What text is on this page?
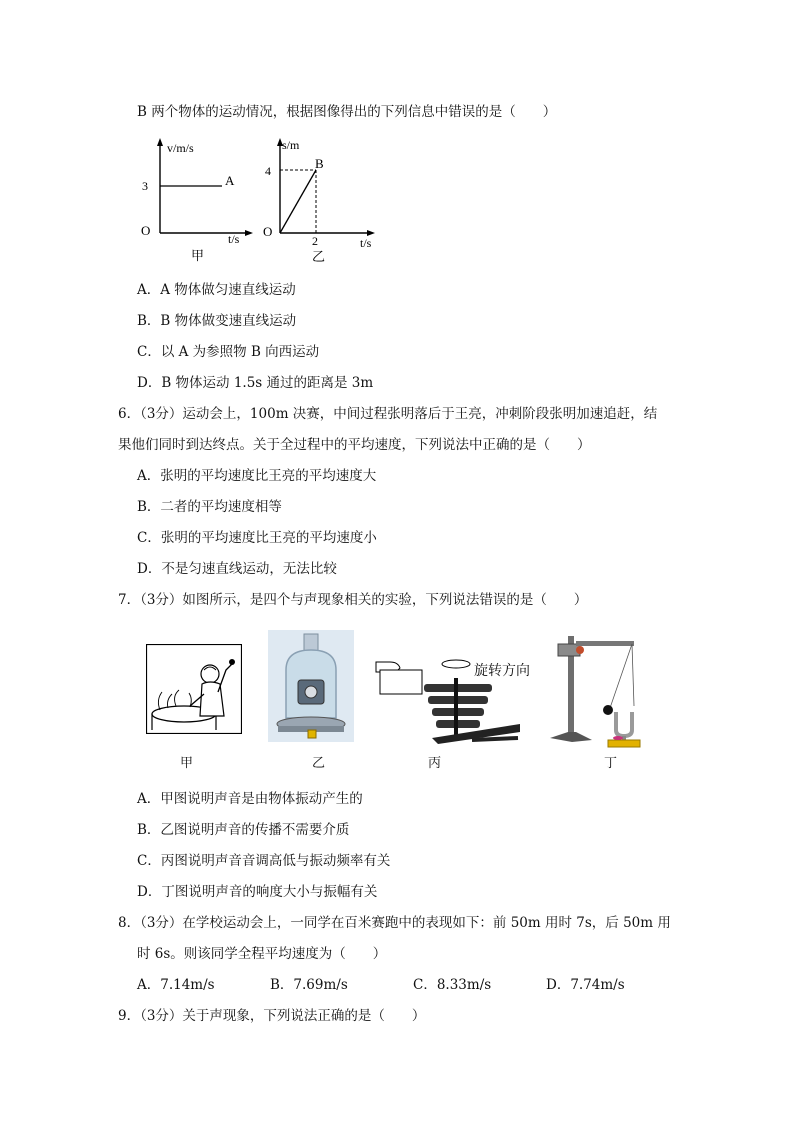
B 两个物体的运动情况，根据图像得出的下列信息中错误的是（　　）
v/m/s
3	A
O
t/s
甲
s/m
4	B
O
2	t/s
乙
A．A 物体做匀速直线运动
B．B 物体做变速直线运动
C．以 A 为参照物 B 向西运动
D．B 物体运动 1.5s 通过的距离是 3m
6．（3分）运动会上，100m 决赛，中间过程张明落后于王亮，冲刺阶段张明加速追赶，结
果他们同时到达终点。关于全过程中的平均速度，下列说法中正确的是（　　）
A．张明的平均速度比王亮的平均速度大
B．二者的平均速度相等
C．张明的平均速度比王亮的平均速度小
D．不是匀速直线运动，无法比较
7．（3分）如图所示，是四个与声现象相关的实验，下列说法错误的是（　　）
甲	乙
旋转方向
丙	丁
A．甲图说明声音是由物体振动产生的
B．乙图说明声音的传播不需要介质
C．丙图说明声音音调高低与振动频率有关
D．丁图说明声音的响度大小与振幅有关
8．（3分）在学校运动会上，一同学在百米赛跑中的表现如下：前 50m 用时 7s，后 50m 用
时 6s。则该同学全程平均速度为（　　）
A．7.14m/s	B．7.69m/s	C．8.33m/s	D．7.74m/s
9．（3分）关于声现象，下列说法正确的是（　　）
